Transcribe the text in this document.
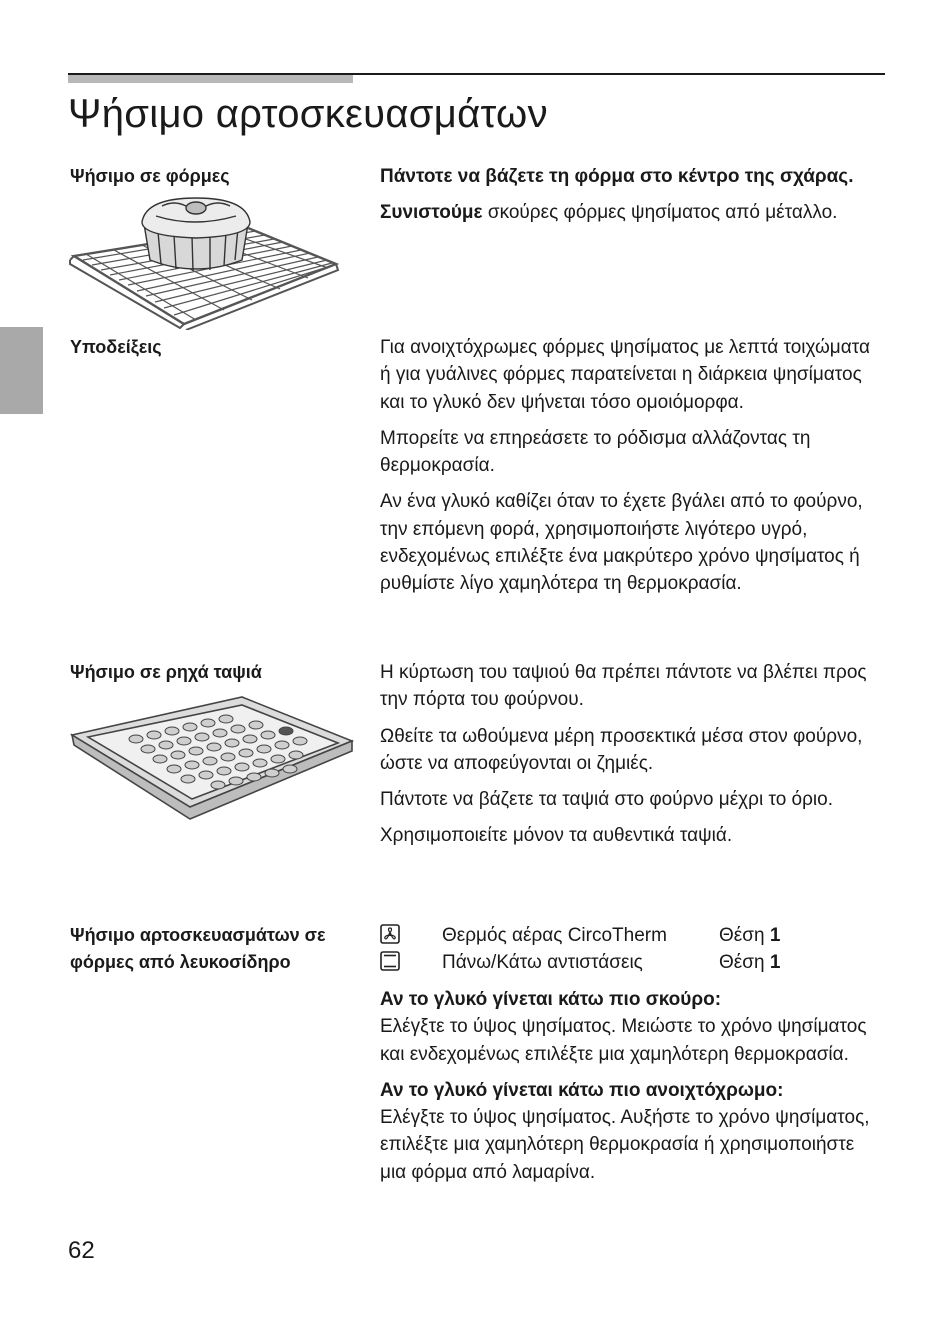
Ψήσιμο αρτοσκευασμάτων
Ψήσιμο σε φόρμες	Πάντοτε να βάζετε τη φόρμα στο κέντρο της σχάρας.

Συνιστούμε σκούρες φόρμες ψησίματος από μέταλλο.

Υποδείξεις	Για ανοιχτόχρωμες φόρμες ψησίματος με λεπτά τοιχώματα ή για γυάλινες φόρμες παρατείνεται η διάρκεια ψησίματος και το γλυκό δεν ψήνεται τόσο ομοιόμορφα.

Μπορείτε να επηρεάσετε το ρόδισμα αλλάζοντας τη θερμοκρασία.

Αν ένα γλυκό καθίζει όταν το έχετε βγάλει από το φούρνο, την επόμενη φορά, χρησιμοποιήστε λιγότερο υγρό, ενδεχομένως επιλέξτε ένα μακρύτερο χρόνο ψησίματος ή ρυθμίστε λίγο χαμηλότερα τη θερμοκρασία.

Ψήσιμο σε ρηχά ταψιά	Η κύρτωση του ταψιού θα πρέπει πάντοτε να βλέπει προς την πόρτα του φούρνου.

Ωθείτε τα ωθούμενα μέρη προσεκτικά μέσα στον φούρνο, ώστε να αποφεύγονται οι ζημιές.

Πάντοτε να βάζετε τα ταψιά στο φούρνο μέχρι το όριο.

Χρησιμοποιείτε μόνον τα αυθεντικά ταψιά.

Ψήσιμο αρτοσκευασμάτων σε
φόρμες από λευκοσίδηρο
Θερμός αέρας CircoTherm	Θέση 1
Πάνω/Κάτω αντιστάσεις	Θέση 1

Αν το γλυκό γίνεται κάτω πιο σκούρο:
Ελέγξτε το ύψος ψησίματος. Μειώστε το χρόνο ψησίματος και ενδεχομένως επιλέξτε μια χαμηλότερη θερμοκρασία.

Αν το γλυκό γίνεται κάτω πιο ανοιχτόχρωμο:
Ελέγξτε το ύψος ψησίματος. Αυξήστε το χρόνο ψησίματος, επιλέξτε μια χαμηλότερη θερμοκρασία ή χρησιμοποιήστε μια φόρμα από λαμαρίνα.

62
